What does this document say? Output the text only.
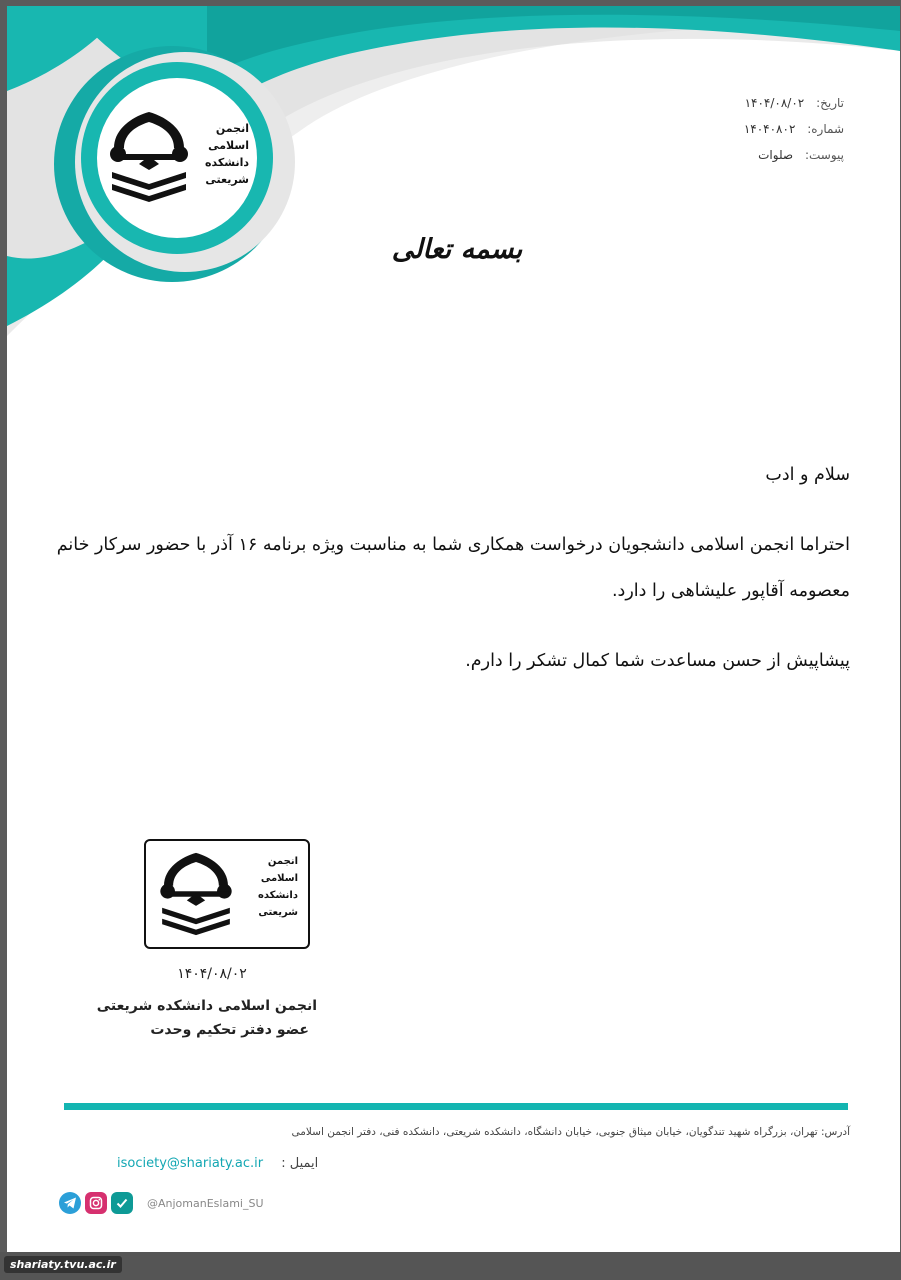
انجمن
اسلامی
دانشکده
شریعتی
تاریخ: ۱۴۰۴/۰۸/۰۲
شماره: ۱۴۰۴۰۸۰۲
پیوست: صلوات
بسمه تعالی

سلام و ادب

احتراما انجمن اسلامی دانشجویان درخواست همکاری شما به مناسبت ویژه برنامه ۱۶ آذر با حضور سرکار خانم معصومه آقاپور علیشاهی را دارد.

پیشاپیش از حسن مساعدت شما کمال تشکر را دارم.

انجمن
اسلامی
دانشکده
شریعتی
۱۴۰۴/۰۸/۰۲
انجمن اسلامی دانشکده شریعتی
عضو دفتر تحکیم وحدت
آدرس: تهران، بزرگراه شهید تندگویان، خیابان میثاق جنوبی، خیابان دانشگاه، دانشکده شریعتی، دانشکده فنی، دفتر انجمن اسلامی
isociety@shariaty.ac.ir : ایمیل
@AnjomanEslami_SU
shariaty.tvu.ac.ir
